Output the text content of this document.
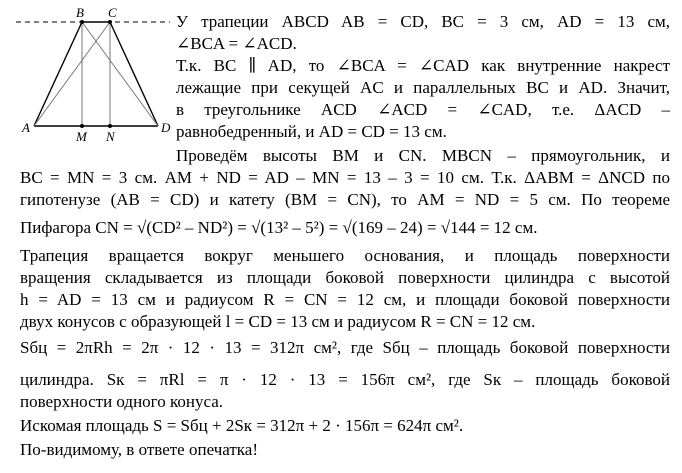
B C
A	D
M N
У трапеции ABCD AB = CD, BC = 3 см, AD = 13 см,
∠BCA = ∠ACD.
Т.к. BC ∥ AD, то ∠BCA = ∠CAD как внутренние накрест
лежащие при секущей AC и параллельных BC и AD. Значит,
в треугольнике ACD ∠ACD = ∠CAD, т.е. ΔACD –
равнобедренный, и AD = CD = 13 см.
Проведём высоты BM и CN. MBCN – прямоугольник, и
BC = MN = 3 см. AM + ND = AD – MN = 13 – 3 = 10 см. Т.к. ΔABM = ΔNCD по
гипотенузе (AB = CD) и катету (BM = CN), то AM = ND = 5 см. По теореме
Пифагора CN = √(CD² – ND²) = √(13² – 5²) = √(169 – 24) = √144 = 12 см.
Трапеция вращается вокруг меньшего основания, и площадь поверхности
вращения складывается из площади боковой поверхности цилиндра с высотой
h = AD = 13 см и радиусом R = CN = 12 см, и площади боковой поверхности
двух конусов с образующей l = CD = 13 см и радиусом R = CN = 12 см.
Sбц = 2πRh = 2π · 12 · 13 = 312π см², где Sбц – площадь боковой поверхности
цилиндра. Sк = πRl = π · 12 · 13 = 156π см², где Sк – площадь боковой
поверхности одного конуса.
Искомая площадь S = Sбц + 2Sк = 312π + 2 · 156π = 624π см².
По-видимому, в ответе опечатка!
